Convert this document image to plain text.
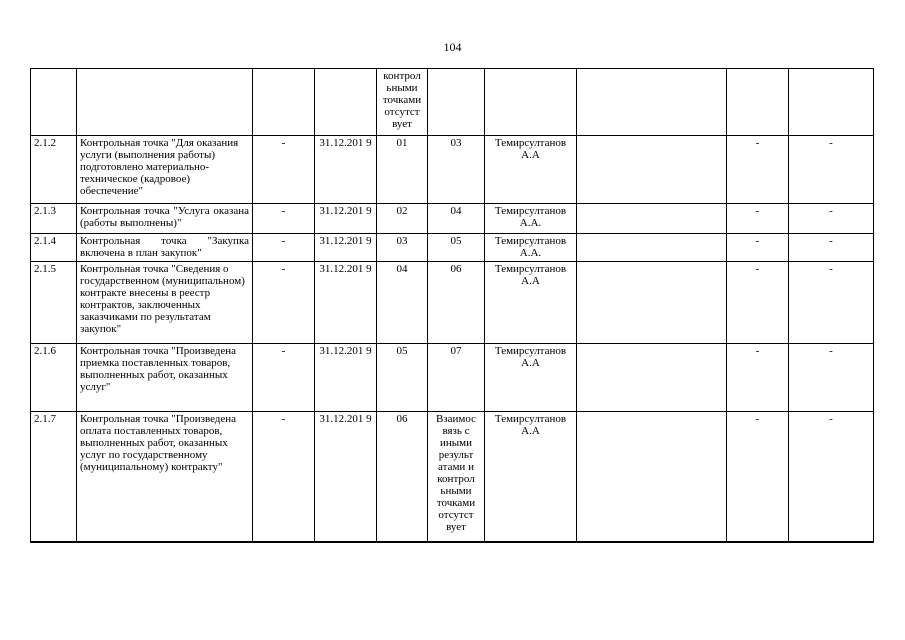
104
				контрол ьными точками отсутст вует					
2.1.2	Контрольная точка "Для оказания услуги (выполнения работы) подготовлено материально-техническое (кадровое) обеспечение"	-	31.12.201 9	01	03	Темирсултанов А.А		-	-
2.1.3	Контрольная точка "Услуга оказана (работы выполнены)"	-	31.12.201 9	02	04	Темирсултанов А.А.		-	-
2.1.4	Контрольная точка "Закупка включена в план закупок"	-	31.12.201 9	03	05	Темирсултанов А.А.		-	-
2.1.5	Контрольная точка "Сведения о государственном (муниципальном) контракте внесены в реестр контрактов, заключенных заказчиками по результатам закупок"	-	31.12.201 9	04	06	Темирсултанов А.А		-	-
2.1.6	Контрольная точка "Произведена приемка поставленных товаров, выполненных работ, оказанных услуг"	-	31.12.201 9	05	07	Темирсултанов А.А		-	-
2.1.7	Контрольная точка "Произведена оплата поставленных товаров, выполненных работ, оказанных услуг по государственному (муниципальному) контракту"	-	31.12.201 9	06	Взаимос вязь с иными результ атами и контрол ьными точками отсутст вует	Темирсултанов А.А		-	-
